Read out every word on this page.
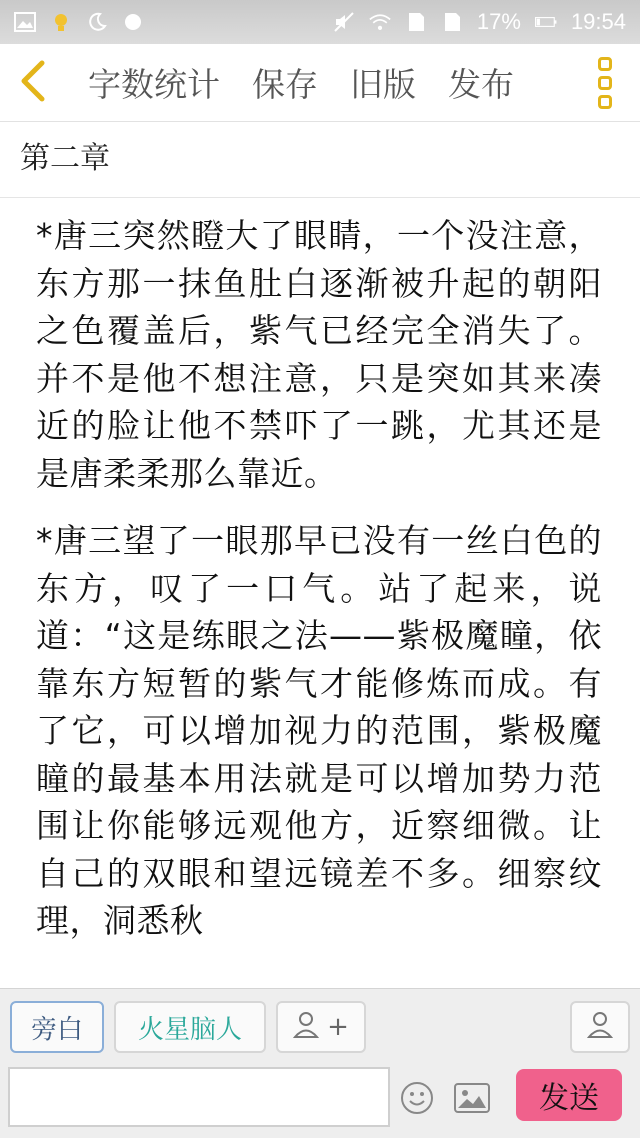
17% 19:54
字数统计 保存 旧版 发布
第二章

*唐三突然瞪大了眼睛，一个没注意，东方那一抹鱼肚白逐渐被升起的朝阳之色覆盖后，紫气已经完全消失了。并不是他不想注意，只是突如其来凑近的脸让他不禁吓了一跳，尤其还是是唐柔柔那么靠近。

*唐三望了一眼那早已没有一丝白色的东方，叹了一口气。站了起来，说道：“这是练眼之法——紫极魔瞳，依靠东方短暂的紫气才能修炼而成。有了它，可以增加视力的范围，紫极魔瞳的最基本用法就是可以增加势力范围让你能够远观他方，近察细微。让自己的双眼和望远镜差不多。细察纹理，洞悉秋

旁白	火星脑人	+
发送
